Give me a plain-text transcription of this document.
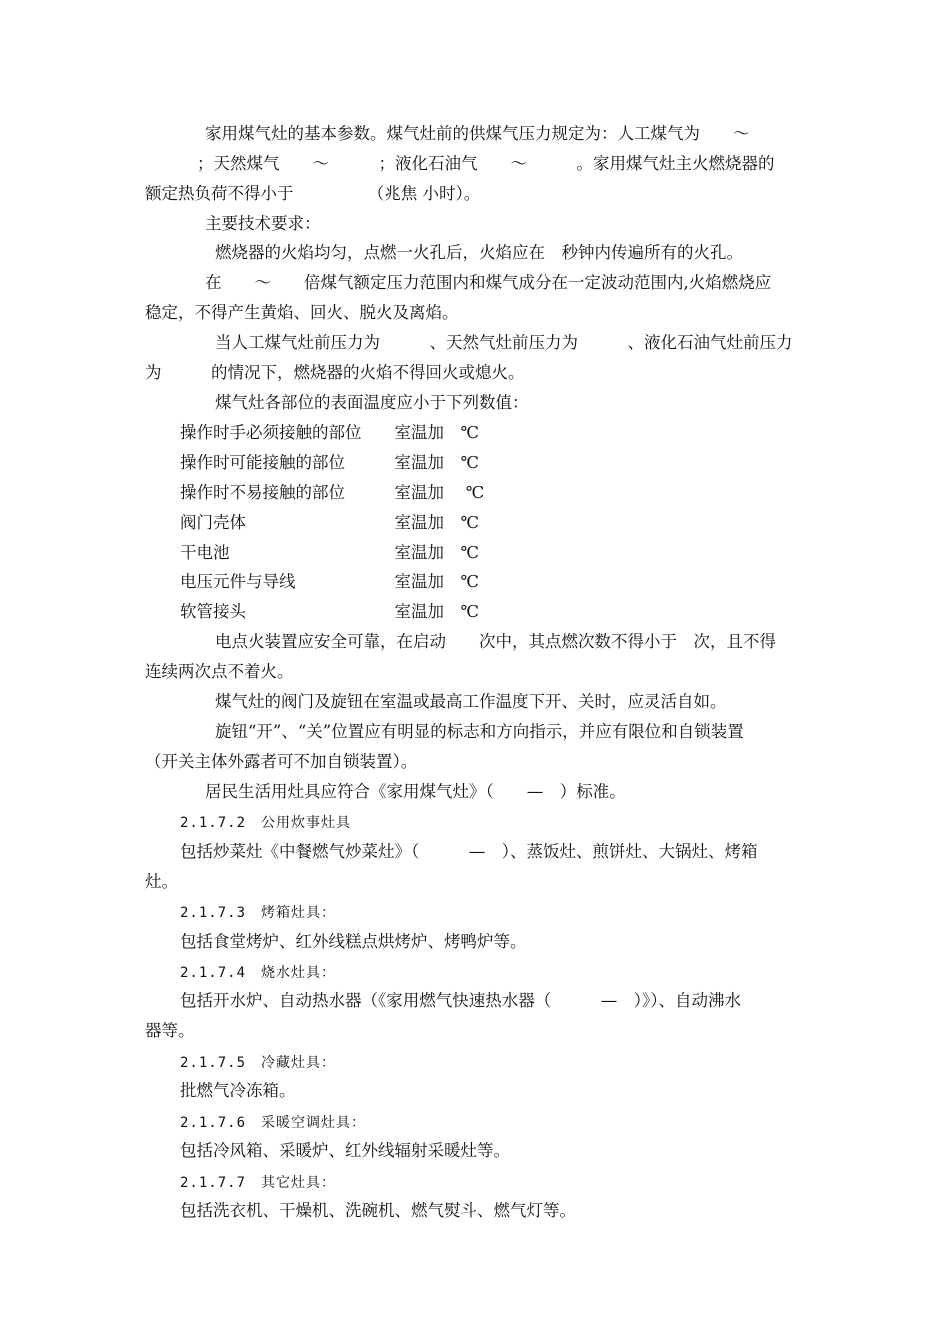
家用煤气灶的基本参数。煤气灶前的供煤气压力规定为：人工煤气为　　～
；天然煤气　　～　　　；液化石油气　　～　　　。家用煤气灶主火燃烧器的
额定热负荷不得小于　　　　　（兆焦 小时）。
主要技术要求：
燃烧器的火焰均匀，点燃一火孔后，火焰应在　秒钟内传遍所有的火孔。
在　　～　　倍煤气额定压力范围内和煤气成分在一定波动范围内,火焰燃烧应
稳定，不得产生黄焰、回火、脱火及离焰。
当人工煤气灶前压力为　　　、天然气灶前压力为　　　、液化石油气灶前压力
为　　　的情况下，燃烧器的火焰不得回火或熄火。
煤气灶各部位的表面温度应小于下列数值：
操作时手必须接触的部位　　室温加　℃
操作时可能接触的部位　　　室温加　℃
操作时不易接触的部位　　　室温加　 ℃
阀门壳体　　　　　　　　　室温加　℃
干电池　　　　　　　　　　室温加　℃
电压元件与导线　　　　　　室温加　℃
软管接头　　　　　　　　　室温加　℃
电点火装置应安全可靠，在启动　　次中，其点燃次数不得小于　次，且不得
连续两次点不着火。
煤气灶的阀门及旋钮在室温或最高工作温度下开、关时，应灵活自如。
旋钮“开”、“关”位置应有明显的标志和方向指示，并应有限位和自锁装置
（开关主体外露者可不加自锁装置）。
居民生活用灶具应符合《家用煤气灶》（　　—　）标准。
2.1.7.2　公用炊事灶具
包括炒菜灶《中餐燃气炒菜灶》（　　　—　）、蒸饭灶、煎饼灶、大锅灶、烤箱
灶。
2.1.7.3　烤箱灶具：
包括食堂烤炉、红外线糕点烘烤炉、烤鸭炉等。
2.1.7.4　烧水灶具：
包括开水炉、自动热水器（《家用燃气快速热水器（　　　—　）》）、自动沸水
器等。
2.1.7.5　冷藏灶具：
批燃气冷冻箱。
2.1.7.6　采暖空调灶具：
包括冷风箱、采暖炉、红外线辐射采暖灶等。
2.1.7.7　其它灶具：
包括洗衣机、干燥机、洗碗机、燃气熨斗、燃气灯等。
